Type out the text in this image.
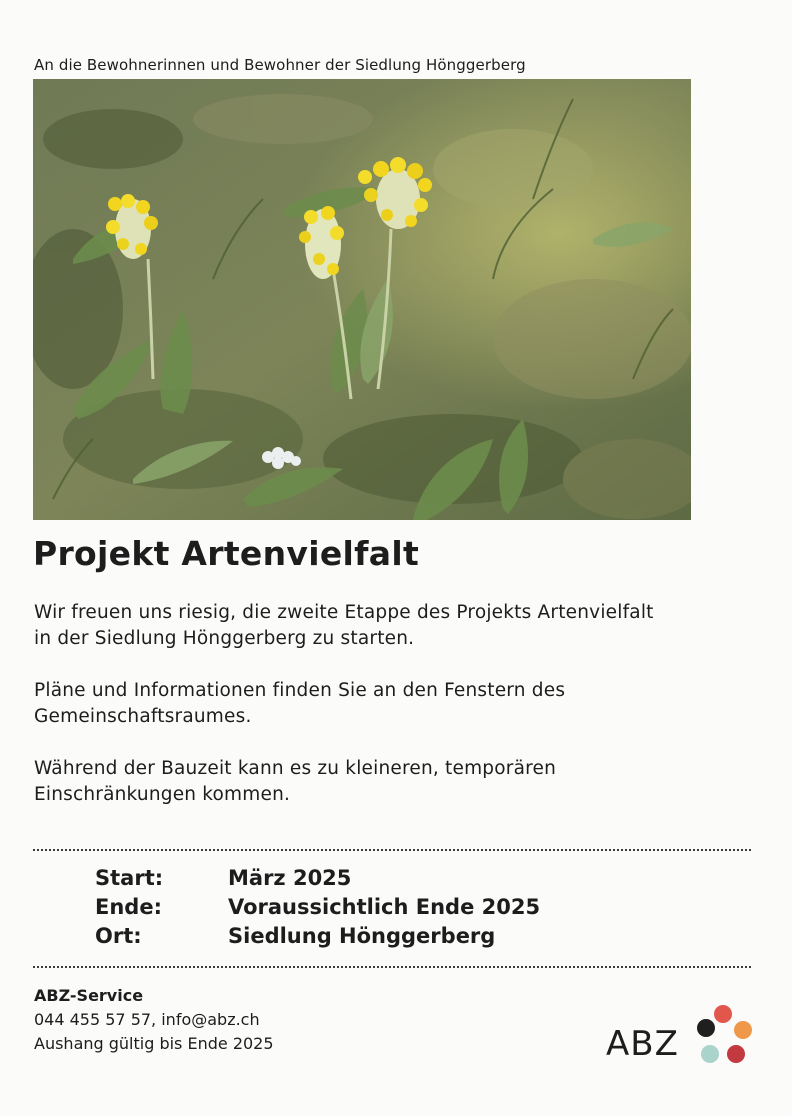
An die Bewohnerinnen und Bewohner der Siedlung Hönggerberg
Projekt Artenvielfalt
Wir freuen uns riesig, die zweite Etappe des Projekts Artenvielfalt
in der Siedlung Hönggerberg zu starten.
Pläne und Informationen finden Sie an den Fenstern des
Gemeinschaftsraumes.
Während der Bauzeit kann es zu kleineren, temporären
Einschränkungen kommen.
Start:	März 2025
Ende:	Voraussichtlich Ende 2025
Ort:	Siedlung Hönggerberg
ABZ-Service
044 455 57 57, info@abz.ch
Aushang gültig bis Ende 2025	ABZ
